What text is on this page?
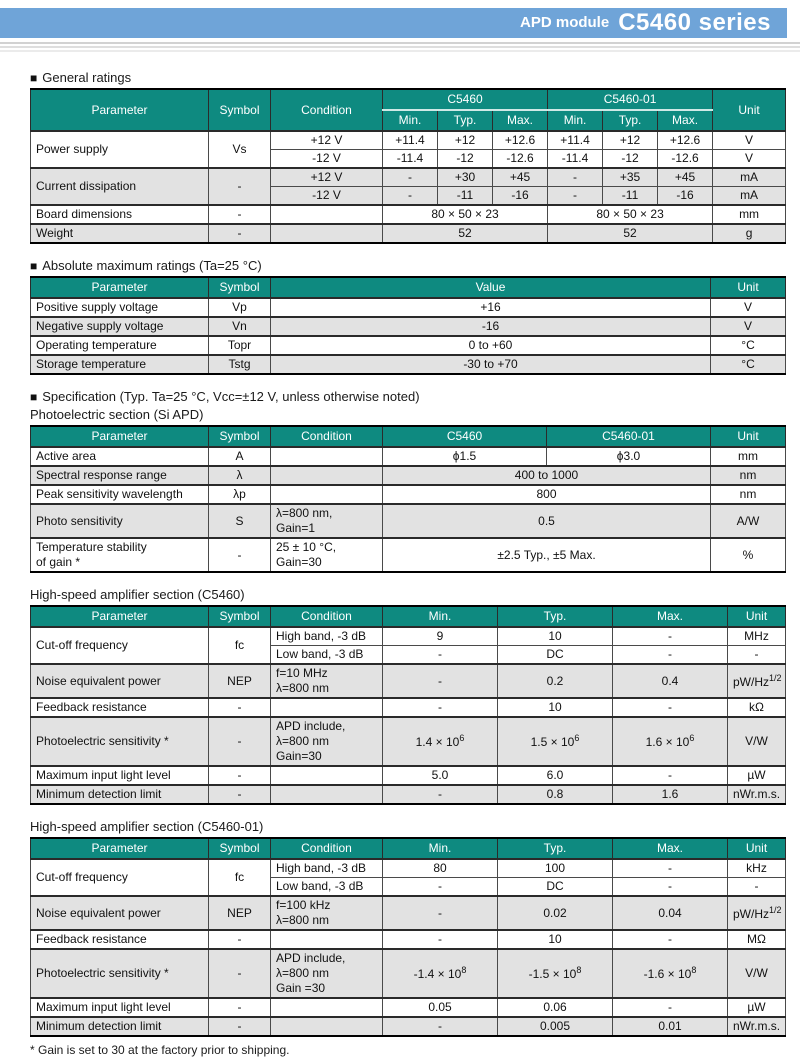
APD module C5460 series
■ General ratings
Parameter	Symbol	Condition	C5460			C5460-01			Unit
			Min.	Typ.	Max.	Min.	Typ.	Max.	
Power supply	Vs	+12 V	+11.4	+12	+12.6	+11.4	+12	+12.6	V
		-12 V	-11.4	-12	-12.6	-11.4	-12	-12.6	V
Current dissipation	-	+12 V	-	+30	+45	-	+35	+45	mA
		-12 V	-	-11	-16	-	-11	-16	mA
Board dimensions	-		80 × 50 × 23			80 × 50 × 23			mm
Weight	-		52			52			g
■ Absolute maximum ratings (Ta=25 °C)
Parameter	Symbol	Value	Unit
Positive supply voltage	Vp	+16	V
Negative supply voltage	Vn	-16	V
Operating temperature	Topr	0 to +60	°C
Storage temperature	Tstg	-30 to +70	°C
■ Specification (Typ. Ta=25 °C, Vcc=±12 V, unless otherwise noted)
Photoelectric section (Si APD)
Parameter	Symbol	Condition	C5460	C5460-01	Unit
Active area	A		ϕ1.5	ϕ3.0	mm
Spectral response range	λ		400 to 1000		nm
Peak sensitivity wavelength	λp		800		nm
Photo sensitivity	S	λ=800 nm,
Gain=1	0.5		A/W
Temperature stability
of gain *	-	25 ± 10 °C,
Gain=30	±2.5 Typ., ±5 Max.		%
High-speed amplifier section (C5460)
Parameter	Symbol	Condition	Min.	Typ.	Max.	Unit
Cut-off frequency	fc	High band, -3 dB	9	10	-	MHz
		Low band, -3 dB	-	DC	-	-
Noise equivalent power	NEP	f=10 MHz
λ=800 nm	-	0.2	0.4	$pW/Hz^{1/2}$
Feedback resistance	-		-	10	-	kΩ
Photoelectric sensitivity *	-	APD include,
λ=800 nm
Gain=30	$1.4 \times 10^6$	$1.5 \times 10^6$	$1.6 \times 10^6$	V/W
Maximum input light level	-		5.0	6.0	-	µW
Minimum detection limit	-		-	0.8	1.6	nWr.m.s.
High-speed amplifier section (C5460-01)
Parameter	Symbol	Condition	Min.	Typ.	Max.	Unit
Cut-off frequency	fc	High band, -3 dB	80	100	-	kHz
		Low band, -3 dB	-	DC	-	-
Noise equivalent power	NEP	f=100 kHz
λ=800 nm	-	0.02	0.04	$pW/Hz^{1/2}$
Feedback resistance	-		-	10	-	MΩ
Photoelectric sensitivity *	-	APD include,
λ=800 nm
Gain =30	$-1.4 \times 10^8$	$-1.5 \times 10^8$	$-1.6 \times 10^8$	V/W
Maximum input light level	-		0.05	0.06	-	µW
Minimum detection limit	-		-	0.005	0.01	nWr.m.s.
* Gain is set to 30 at the factory prior to shipping.
